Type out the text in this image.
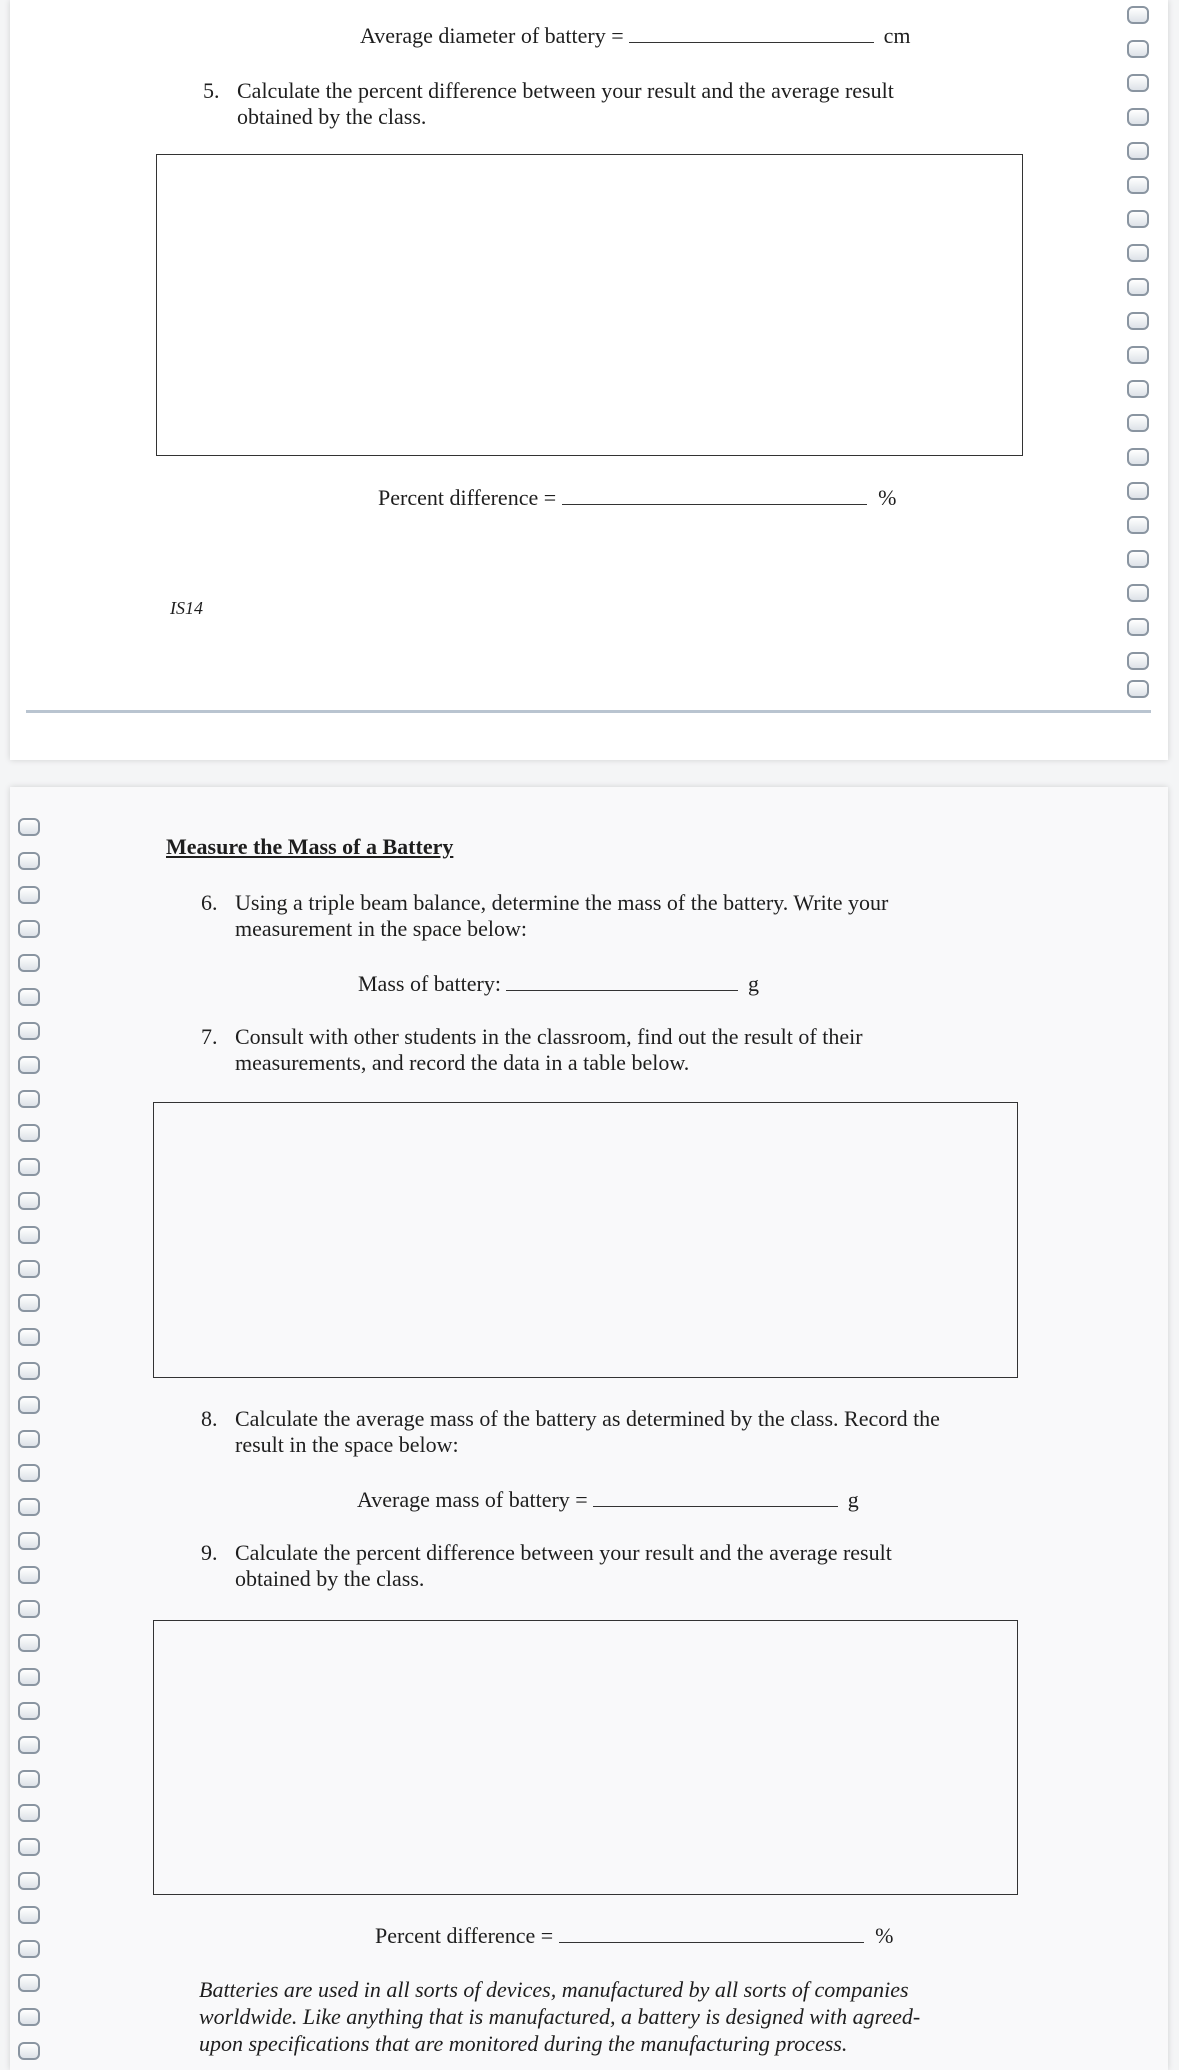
Average diameter of battery =	cm
5. Calculate the percent difference between your result and the average result
obtained by the class.
Percent difference =	%
IS14
Measure the Mass of a Battery
6. Using a triple beam balance, determine the mass of the battery. Write your
measurement in the space below:
Mass of battery:	g
7. Consult with other students in the classroom, find out the result of their
measurements, and record the data in a table below.
8. Calculate the average mass of the battery as determined by the class. Record the
result in the space below:
Average mass of battery =	g
9. Calculate the percent difference between your result and the average result
obtained by the class.
Percent difference =	%
Batteries are used in all sorts of devices, manufactured by all sorts of companies
worldwide. Like anything that is manufactured, a battery is designed with agreed-
upon specifications that are monitored during the manufacturing process.
